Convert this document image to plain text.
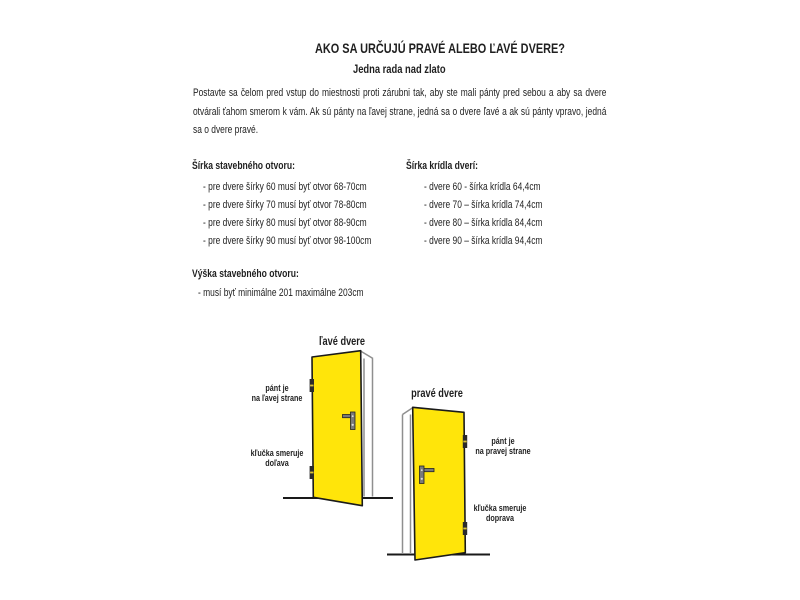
AKO SA URČUJÚ PRAVÉ ALEBO ĽAVÉ DVERE?
Jedna rada nad zlato

Postavte sa čelom pred vstup do miestnosti proti zárubni tak, aby ste mali pánty pred sebou a aby sa dvere otvárali ťahom smerom k vám. Ak sú pánty na ľavej strane, jedná sa o dvere ľavé a ak sú pánty vpravo, jedná sa o dvere pravé.

Šírka stavebného otvoru:
- pre dvere šírky 60 musí byť otvor 68-70cm
- pre dvere šírky 70 musí byť otvor 78-80cm
- pre dvere šírky 80 musí byť otvor 88-90cm
- pre dvere šírky 90 musí byť otvor 98-100cm
Šírka krídla dverí:
- dvere 60 - šírka krídla 64,4cm
- dvere 70 – šírka krídla 74,4cm
- dvere 80 – šírka krídla 84,4cm
- dvere 90 – šírka krídla 94,4cm
Výška stavebného otvoru:
- musí byť minimálne 201 maximálne 203cm
ľavé dvere
pravé dvere
pánt je
na ľavej strane
kľučka smeruje
doľava
pánt je
na pravej strane
kľučka smeruje
doprava
